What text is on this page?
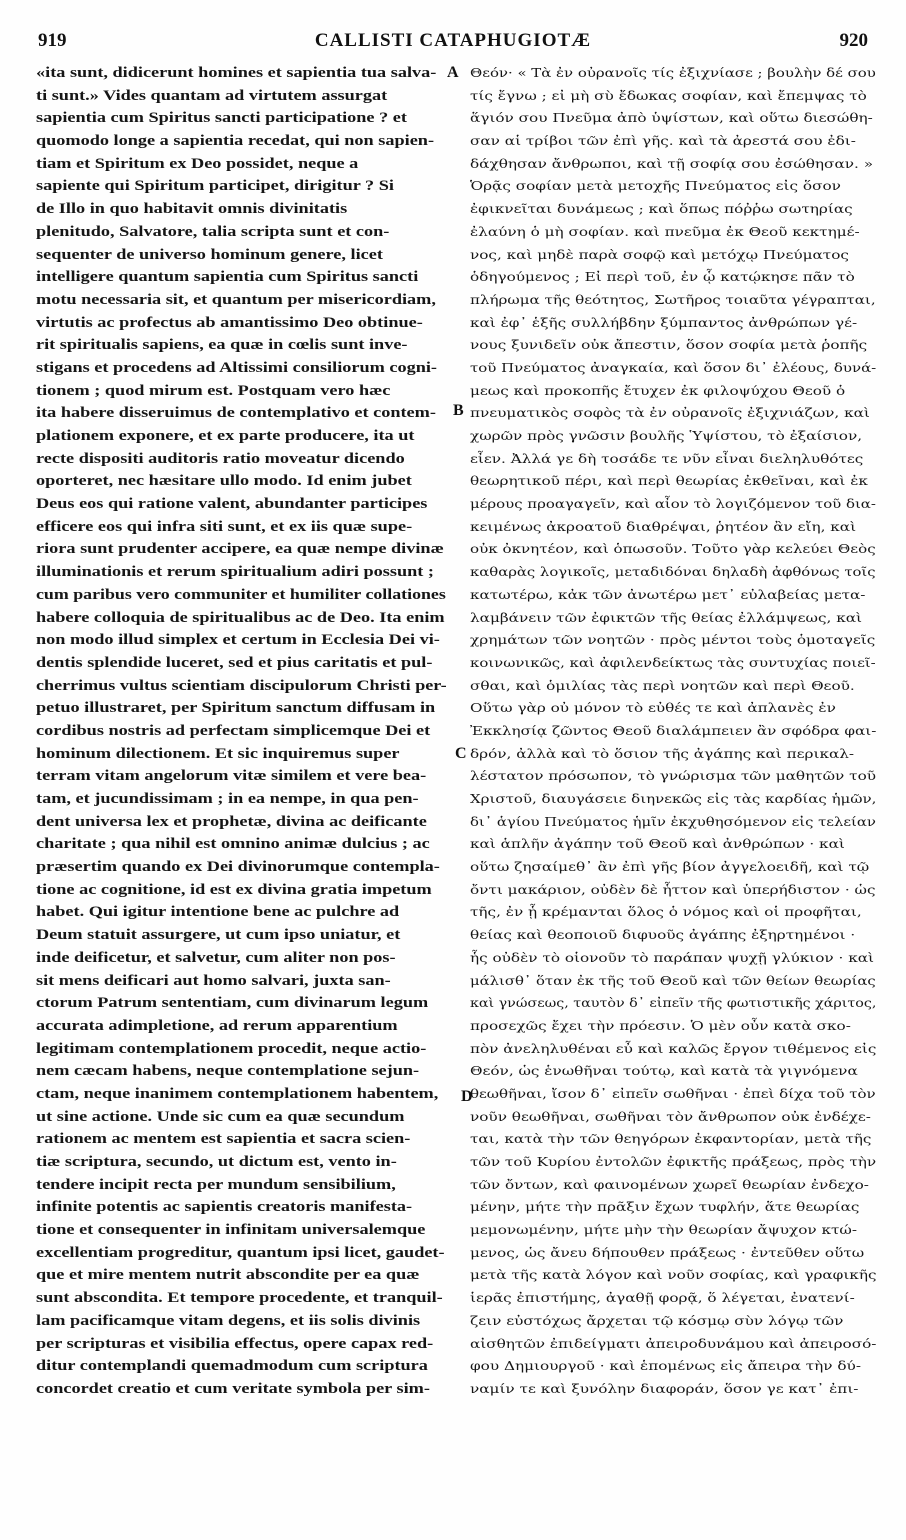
919	CALLISTI CATAPHUGIOTÆ	920
«ita sunt, didicerunt homines et sapientia tua salva-
ti sunt.» Vides quantam ad virtutem assurgat
sapientia cum Spiritus sancti participatione ? et
quomodo longe a sapientia recedat, qui non sapien-
tiam et Spiritum ex Deo possidet, neque a
sapiente qui Spiritum participet, dirigitur ? Si
de Illo in quo habitavit omnis divinitatis
plenitudo, Salvatore, talia scripta sunt et con-
sequenter de universo hominum genere, licet
intelligere quantum sapientia cum Spiritus sancti
motu necessaria sit, et quantum per misericordiam,
virtutis ac profectus ab amantissimo Deo obtinue-
rit spiritualis sapiens, ea quæ in cœlis sunt inve-
stigans et procedens ad Altissimi consiliorum cogni-
tionem ; quod mirum est. Postquam vero hæc
ita habere disseruimus de contemplativo et contem-
plationem exponere, et ex parte producere, ita ut
recte dispositi auditoris ratio moveatur dicendo
oporteret, nec hæsitare ullo modo. Id enim jubet
Deus eos qui ratione valent, abundanter participes
efficere eos qui infra siti sunt, et ex iis quæ supe-
riora sunt prudenter accipere, ea quæ nempe divinæ
illuminationis et rerum spiritualium adiri possunt ;
cum paribus vero communiter et humiliter collationes
habere colloquia de spiritualibus ac de Deo. Ita enim
non modo illud simplex et certum in Ecclesia Dei vi-
dentis splendide luceret, sed et pius caritatis et pul-
cherrimus vultus scientiam discipulorum Christi per-
petuo illustraret, per Spiritum sanctum diffusam in
cordibus nostris ad perfectam simplicemque Dei et
hominum dilectionem. Et sic inquiremus super
terram vitam angelorum vitæ similem et vere bea-
tam, et jucundissimam ; in ea nempe, in qua pen-
dent universa lex et prophetæ, divina ac deificante
charitate ; qua nihil est omnino animæ dulcius ; ac
præsertim quando ex Dei divinorumque contempla-
tione ac cognitione, id est ex divina gratia impetum
habet. Qui igitur intentione bene ac pulchre ad
Deum statuit assurgere, ut cum ipso uniatur, et
inde deificetur, et salvetur, cum aliter non pos-
sit mens deificari aut homo salvari, juxta san-
ctorum Patrum sententiam, cum divinarum legum
accurata adimpletione, ad rerum apparentium
legitimam contemplationem procedit, neque actio-
nem cæcam habens, neque contemplatione sejun-
ctam, neque inanimem contemplationem habentem,
ut sine actione. Unde sic cum ea quæ secundum
rationem ac mentem est sapientia et sacra scien-
tiæ scriptura, secundo, ut dictum est, vento in-
tendere incipit recta per mundum sensibilium,
infinite potentis ac sapientis creatoris manifesta-
tione et consequenter in infinitam universalemque
excellentiam progreditur, quantum ipsi licet, gaudet-
que et mire mentem nutrit abscondite per ea quæ
sunt abscondita. Et tempore procedente, et tranquil-
lam pacificamque vitam degens, et iis solis divinis
per scripturas et visibilia effectus, opere capax red-
ditur contemplandi quemadmodum cum scriptura
concordet creatio et cum veritate symbola per sim-
Θεόν· « Τὰ ἐν οὐρανοῖς τίς ἐξιχνίασε ; βουλὴν δέ σου
τίς ἔγνω ; εἰ μὴ σὺ ἔδωκας σοφίαν, καὶ ἔπεμψας τὸ
ἅγιόν σου Πνεῦμα ἀπὸ ὑψίστων, καὶ οὕτω διεσώθη-
σαν αἱ τρίβοι τῶν ἐπὶ γῆς. καὶ τὰ ἀρεστά σου ἐδι-
δάχθησαν ἄνθρωποι, καὶ τῇ σοφίᾳ σου ἐσώθησαν. »
Ὁρᾷς σοφίαν μετὰ μετοχῆς Πνεύματος εἰς ὅσον
ἐφικνεῖται δυνάμεως ; καὶ ὅπως πόῤῥω σωτηρίας
ἐλαύνη ὁ μὴ σοφίαν. καὶ πνεῦμα ἐκ Θεοῦ κεκτημέ-
νος, καὶ μηδὲ παρὰ σοφῷ καὶ μετόχῳ Πνεύματος
ὁδηγούμενος ; Εἰ περὶ τοῦ, ἐν ᾧ κατῴκησε πᾶν τὸ
πλήρωμα τῆς θεότητος, Σωτῆρος τοιαῦτα γέγραπται,
καὶ ἐφ᾽ ἑξῆς συλλήβδην ξύμπαντος ἀνθρώπων γέ-
νους ξυνιδεῖν οὐκ ἄπεστιν, ὅσον σοφία μετὰ ῥοπῆς
τοῦ Πνεύματος ἀναγκαία, καὶ ὅσον δι᾽ ἐλέους, δυνά-
μεως καὶ προκοπῆς ἔτυχεν ἐκ φιλοψύχου Θεοῦ ὁ
πνευματικὸς σοφὸς τὰ ἐν οὐρανοῖς ἐξιχνιάζων, καὶ
χωρῶν πρὸς γνῶσιν βουλῆς Ὑψίστου, τὸ ἐξαίσιον,
εἶεν. Ἀλλά γε δὴ τοσάδε τε νῦν εἶναι διεληλυθότες
θεωρητικοῦ πέρι, καὶ περὶ θεωρίας ἐκθεῖναι, καὶ ἐκ
μέρους προαγαγεῖν, καὶ αἶον τὸ λογιζόμενον τοῦ δια-
κειμένως ἀκροατοῦ διαθρέψαι, ῥητέον ἂν εἴη, καὶ
οὐκ ὀκνητέον, καὶ ὁπωσοῦν. Τοῦτο γὰρ κελεύει Θεὸς
καθαρὰς λογικοῖς, μεταδιδόναι δηλαδὴ ἀφθόνως τοῖς
κατωτέρω, κἀκ τῶν ἀνωτέρω μετ᾽ εὐλαβείας μετα-
λαμβάνειν τῶν ἐφικτῶν τῆς θείας ἐλλάμψεως, καὶ
χρημάτων τῶν νοητῶν · πρὸς μέντοι τοὺς ὁμοταγεῖς
κοινωνικῶς, καὶ ἀφιλενδείκτως τὰς συντυχίας ποιεῖ-
σθαι, καὶ ὁμιλίας τὰς περὶ νοητῶν καὶ περὶ Θεοῦ.
Οὕτω γὰρ οὐ μόνον τὸ εὐθές τε καὶ ἀπλανὲς ἐν
Ἐκκλησίᾳ ζῶντος Θεοῦ διαλάμπειεν ἂν σφόδρα φαι-
δρόν, ἀλλὰ καὶ τὸ ὅσιον τῆς ἀγάπης καὶ περικαλ-
λέστατον πρόσωπον, τὸ γνώρισμα τῶν μαθητῶν τοῦ
Χριστοῦ, διαυγάσειε διηνεκῶς εἰς τὰς καρδίας ἡμῶν,
δι᾽ ἁγίου Πνεύματος ἡμῖν ἐκχυθησόμενον εἰς τελείαν
καὶ ἁπλῆν ἀγάπην τοῦ Θεοῦ καὶ ἀνθρώπων · καὶ
οὕτω ζησαίμεθ᾽ ἂν ἐπὶ γῆς βίον ἀγγελοειδῆ, καὶ τῷ
ὄντι μακάριον, οὐδὲν δὲ ἧττον καὶ ὑπερήδιστον · ὡς
τῆς, ἐν ᾗ κρέμανται ὅλος ὁ νόμος καὶ οἱ προφῆται,
θείας καὶ θεοποιοῦ διφυοῦς ἀγάπης ἐξηρτημένοι ·
ἧς οὐδὲν τὸ οἱονοῦν τὸ παράπαν ψυχῇ γλύκιον · καὶ
μάλισθ᾽ ὅταν ἐκ τῆς τοῦ Θεοῦ καὶ τῶν θείων θεωρίας
καὶ γνώσεως, ταυτὸν δ᾽ εἰπεῖν τῆς φωτιστικῆς χάριτος,
προσεχῶς ἔχει τὴν πρόεσιν. Ὁ μὲν οὖν κατὰ σκο-
πὸν ἀνεληλυθέναι εὖ καὶ καλῶς ἔργον τιθέμενος εἰς
Θεόν, ὡς ἑνωθῆναι τούτῳ, καὶ κατὰ τὰ γιγνόμενα
θεωθῆναι, ἴσον δ᾽ εἰπεῖν σωθῆναι · ἐπεὶ δίχα τοῦ τὸν
νοῦν θεωθῆναι, σωθῆναι τὸν ἄνθρωπον οὐκ ἐνδέχε-
ται, κατὰ τὴν τῶν θεηγόρων ἐκφαντορίαν, μετὰ τῆς
τῶν τοῦ Κυρίου ἐντολῶν ἐφικτῆς πράξεως, πρὸς τὴν
τῶν ὄντων, καὶ φαινομένων χωρεῖ θεωρίαν ἐνδεχο-
μένην, μήτε τὴν πρᾶξιν ἔχων τυφλήν, ἅτε θεωρίας
μεμονωμένην, μήτε μὴν τὴν θεωρίαν ἄψυχον κτώ-
μενος, ὡς ἄνευ δήπουθεν πράξεως · ἐντεῦθεν οὕτω
μετὰ τῆς κατὰ λόγον καὶ νοῦν σοφίας, καὶ γραφικῆς
ἱερᾶς ἐπιστήμης, ἀγαθῇ φορᾷ, ὅ λέγεται, ἐνατενί-
ζειν εὐστόχως ἄρχεται τῷ κόσμῳ σὺν λόγῳ τῶν
αἰσθητῶν ἐπιδείγματι ἀπειροδυνάμου καὶ ἀπειροσό-
φου Δημιουργοῦ · καὶ ἑπομένως εἰς ἄπειρα τὴν δύ-
ναμίν τε καὶ ξυνόλην διαφοράν, ὅσον γε κατ᾽ ἐπι-
A
B
C
D
